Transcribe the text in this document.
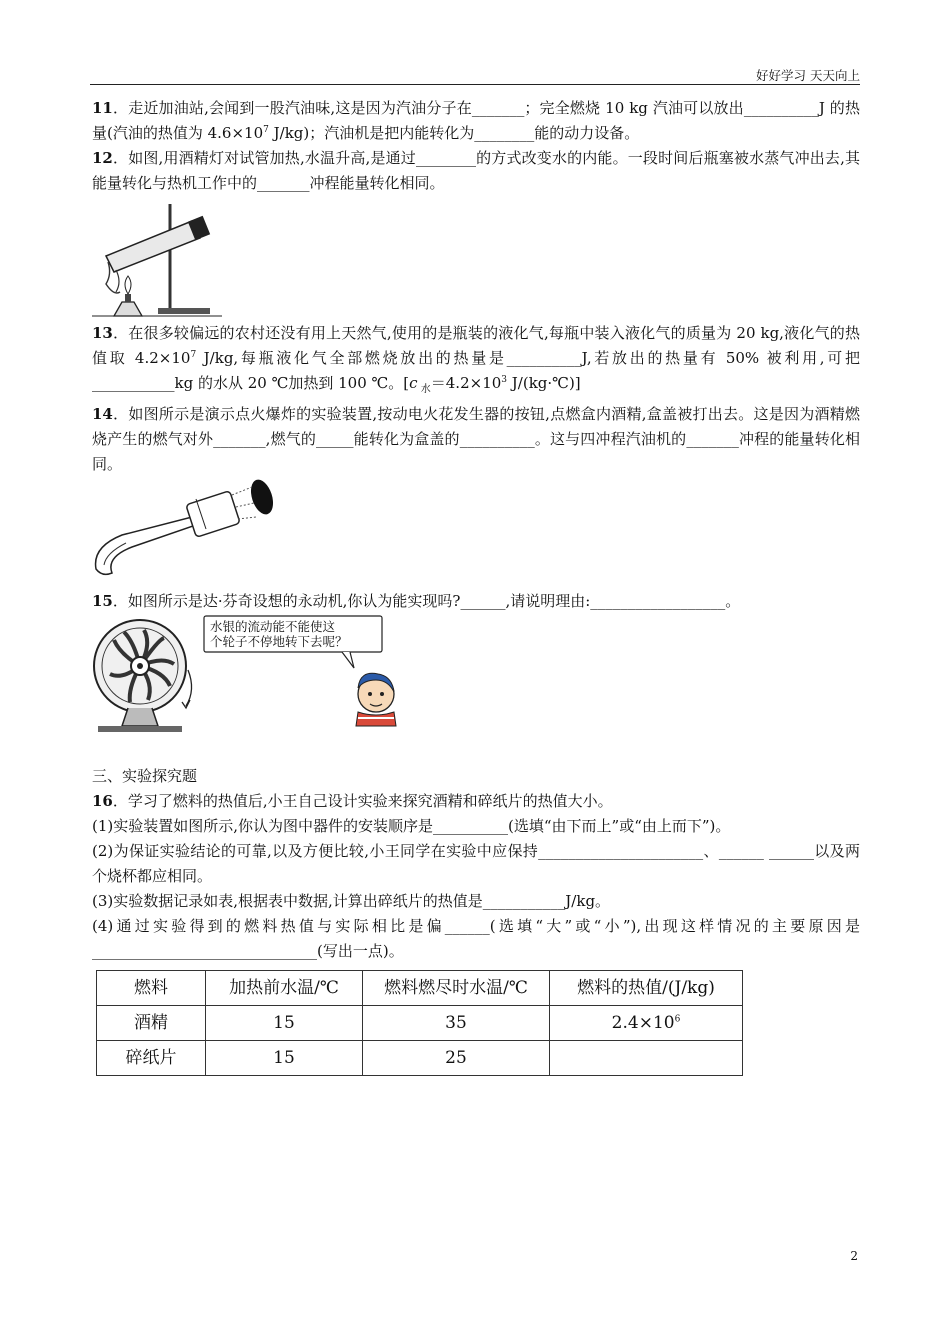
好好学习 天天向上

11．走近加油站,会闻到一股汽油味,这是因为汽油分子在_______；完全燃烧 10 kg 汽油可以放出__________J 的热量(汽油的热值为 $4.6\times 10^7$ J/kg)；汽油机是把内能转化为________能的动力设备。

12．如图,用酒精灯对试管加热,水温升高,是通过________的方式改变水的内能。一段时间后瓶塞被水蒸气冲出去,其能量转化与热机工作中的_______冲程能量转化相同。

13．在很多较偏远的农村还没有用上天然气,使用的是瓶装的液化气,每瓶中装入液化气的质量为 20 kg,液化气的热值取 $4.2\times 10^7$ J/kg,每瓶液化气全部燃烧放出的热量是__________J,若放出的热量有 50% 被利用,可把___________kg 的水从 20 ℃加热到 100 ℃。[c $_水=4.2\times 10^3$ J/(kg·℃)]

14．如图所示是演示点火爆炸的实验装置,按动电火花发生器的按钮,点燃盒内酒精,盒盖被打出去。这是因为酒精燃烧产生的燃气对外_______,燃气的_____能转化为盒盖的__________。这与四冲程汽油机的_______冲程的能量转化相同。

15．如图所示是达·芬奇设想的永动机,你认为能实现吗?______,请说明理由:__________________。

水银的流动能不能使这
个轮子不停地转下去呢？

三、实验探究题

16．学习了燃料的热值后,小王自己设计实验来探究酒精和碎纸片的热值大小。

(1)实验装置如图所示,你认为图中器件的安装顺序是__________(选填“由下而上”或“由上而下”)。

(2)为保证实验结论的可靠,以及方便比较,小王同学在实验中应保持______________________、______ ______以及两个烧杯都应相同。

(3)实验数据记录如表,根据表中数据,计算出碎纸片的热值是___________J/kg。

(4)通过实验得到的燃料热值与实际相比是偏______(选填“大”或“小”),出现这样情况的主要原因是______________________________(写出一点)。

燃料	加热前水温/℃	燃料燃尽时水温/℃	燃料的热值/(J/kg)
酒精	15	35	$2.4\times 10^6$
碎纸片	15	25	
2
